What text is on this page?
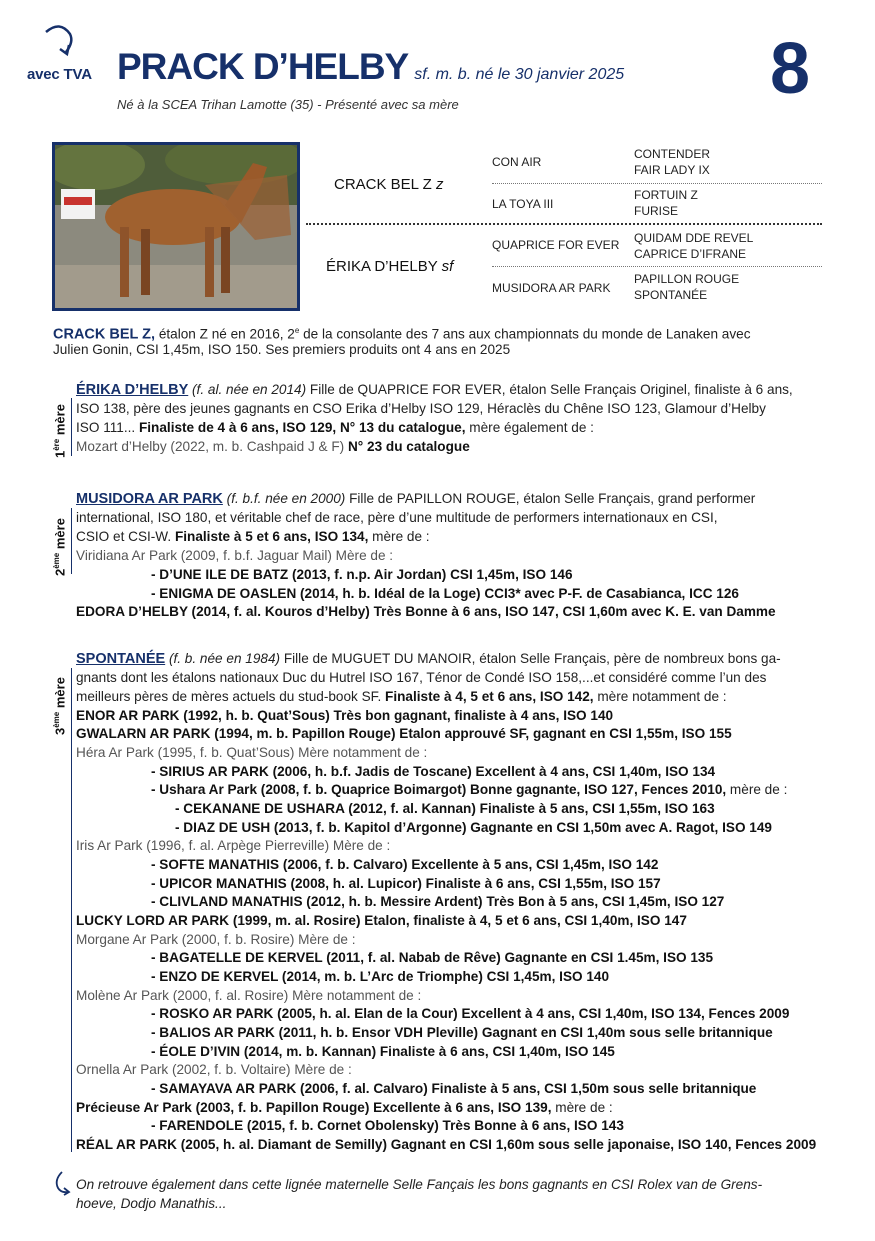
avec TVA PRACK D’HELBY sf. m. b. né le 30 janvier 2025 8
Né à la SCEA Trihan Lamotte (35) - Présenté avec sa mère
CRACK BEL Z z
ÉRIKA D’HELBY sf
CON AIR
LA TOYA III
QUAPRICE FOR EVER
MUSIDORA AR PARK
CONTENDER
FAIR LADY IX
FORTUIN Z
FURISE
QUIDAM DDE REVEL
CAPRICE D’IFRANE
PAPILLON ROUGE
SPONTANÉE
CRACK BEL Z, étalon Z né en 2016, 2e de la consolante des 7 ans aux championnats du monde de Lanaken avec
Julien Gonin, CSI 1,45m, ISO 150. Ses premiers produits ont 4 ans en 2025
1ère mère
ÉRIKA D’HELBY (f. al. née en 2014) Fille de QUAPRICE FOR EVER, étalon Selle Français Originel, finaliste à 6 ans,
ISO 138, père des jeunes gagnants en CSO Erika d’Helby ISO 129, Héraclès du Chêne ISO 123, Glamour d’Helby
ISO 111... Finaliste de 4 à 6 ans, ISO 129, N° 13 du catalogue, mère également de :
Mozart d’Helby (2022, m. b. Cashpaid J & F) N° 23 du catalogue
2ème mère
MUSIDORA AR PARK (f. b.f. née en 2000) Fille de PAPILLON ROUGE, étalon Selle Français, grand performer
international, ISO 180, et véritable chef de race, père d’une multitude de performers internationaux en CSI,
CSIO et CSI-W. Finaliste à 5 et 6 ans, ISO 134, mère de :
Viridiana Ar Park (2009, f. b.f. Jaguar Mail) Mère de :
- D’UNE ILE DE BATZ (2013, f. n.p. Air Jordan) CSI 1,45m, ISO 146
- ENIGMA DE OASLEN (2014, h. b. Idéal de la Loge) CCI3* avec P-F. de Casabianca, ICC 126
EDORA D’HELBY (2014, f. al. Kouros d’Helby) Très Bonne à 6 ans, ISO 147, CSI 1,60m avec K. E. van Damme
3ème mère
SPONTANÉE (f. b. née en 1984) Fille de MUGUET DU MANOIR, étalon Selle Français, père de nombreux bons ga-
gnants dont les étalons nationaux Duc du Hutrel ISO 167, Ténor de Condé ISO 158,...et considéré comme l’un des
meilleurs pères de mères actuels du stud-book SF. Finaliste à 4, 5 et 6 ans, ISO 142, mère notamment de :
ENOR AR PARK (1992, h. b. Quat’Sous) Très bon gagnant, finaliste à 4 ans, ISO 140
GWALARN AR PARK (1994, m. b. Papillon Rouge) Etalon approuvé SF, gagnant en CSI 1,55m, ISO 155
Héra Ar Park (1995, f. b. Quat’Sous) Mère notamment de :
- SIRIUS AR PARK (2006, h. b.f. Jadis de Toscane) Excellent à 4 ans, CSI 1,40m, ISO 134
- Ushara Ar Park (2008, f. b. Quaprice Boimargot) Bonne gagnante, ISO 127, Fences 2010, mère de :
- CEKANANE DE USHARA (2012, f. al. Kannan) Finaliste à 5 ans, CSI 1,55m, ISO 163
- DIAZ DE USH (2013, f. b. Kapitol d’Argonne) Gagnante en CSI 1,50m avec A. Ragot, ISO 149
Iris Ar Park (1996, f. al. Arpège Pierreville) Mère de :
- SOFTE MANATHIS (2006, f. b. Calvaro) Excellente à 5 ans, CSI 1,45m, ISO 142
- UPICOR MANATHIS (2008, h. al. Lupicor) Finaliste à 6 ans, CSI 1,55m, ISO 157
- CLIVLAND MANATHIS (2012, h. b. Messire Ardent) Très Bon à 5 ans, CSI 1,45m, ISO 127
LUCKY LORD AR PARK (1999, m. al. Rosire) Etalon, finaliste à 4, 5 et 6 ans, CSI 1,40m, ISO 147
Morgane Ar Park (2000, f. b. Rosire) Mère de :
- BAGATELLE DE KERVEL (2011, f. al. Nabab de Rêve) Gagnante en CSI 1.45m, ISO 135
- ENZO DE KERVEL (2014, m. b. L’Arc de Triomphe) CSI 1,45m, ISO 140
Molène Ar Park (2000, f. al. Rosire) Mère notamment de :
- ROSKO AR PARK (2005, h. al. Elan de la Cour) Excellent à 4 ans, CSI 1,40m, ISO 134, Fences 2009
- BALIOS AR PARK (2011, h. b. Ensor VDH Pleville) Gagnant en CSI 1,40m sous selle britannique
- ÉOLE D’IVIN (2014, m. b. Kannan) Finaliste à 6 ans, CSI 1,40m, ISO 145
Ornella Ar Park (2002, f. b. Voltaire) Mère de :
- SAMAYAVA AR PARK (2006, f. al. Calvaro) Finaliste à 5 ans, CSI 1,50m sous selle britannique
Précieuse Ar Park (2003, f. b. Papillon Rouge) Excellente à 6 ans, ISO 139, mère de :
- FARENDOLE (2015, f. b. Cornet Obolensky) Très Bonne à 6 ans, ISO 143
RÉAL AR PARK (2005, h. al. Diamant de Semilly) Gagnant en CSI 1,60m sous selle japonaise, ISO 140, Fences 2009
On retrouve également dans cette lignée maternelle Selle Fançais les bons gagnants en CSI Rolex van de Grens-
hoeve, Dodjo Manathis...
